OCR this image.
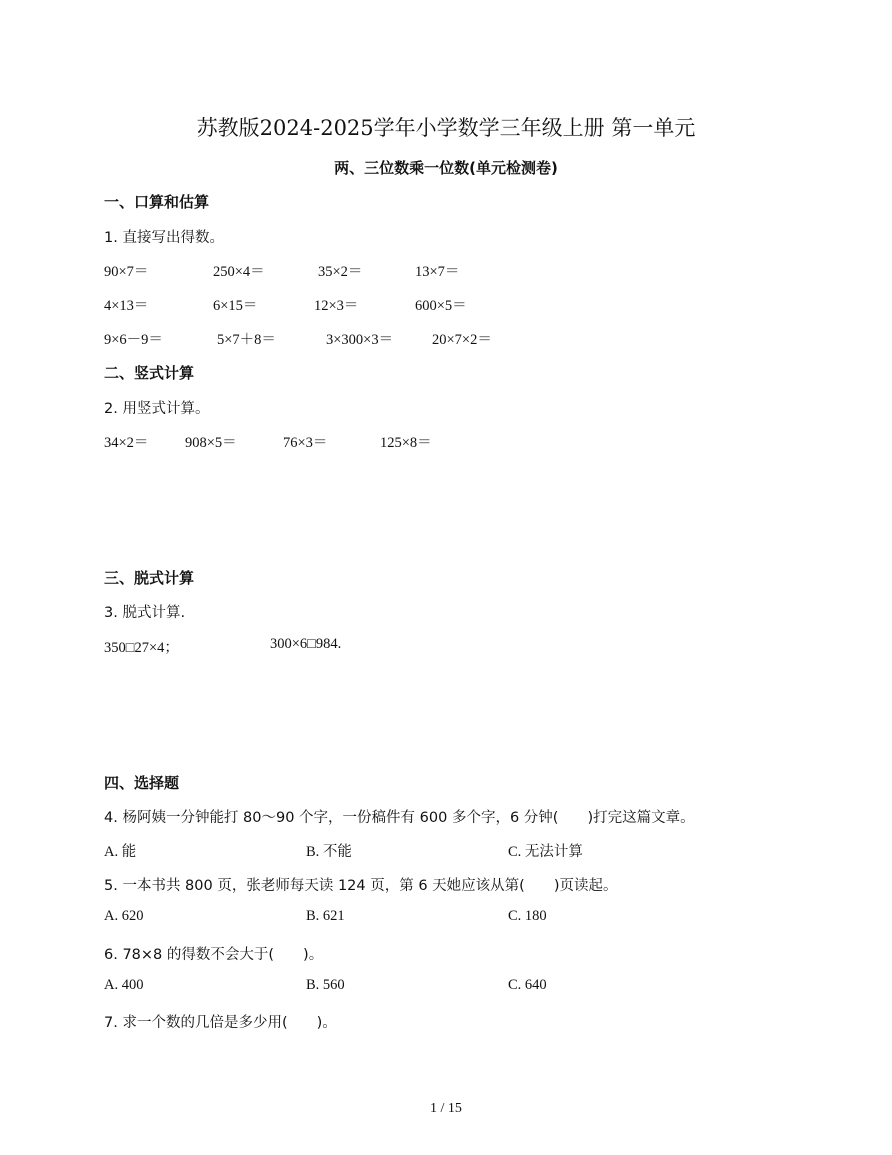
苏教版2024-2025学年小学数学三年级上册 第一单元
两、三位数乘一位数(单元检测卷)
一、口算和估算
1. 直接写出得数。
90×7＝	250×4＝	35×2＝	13×7＝
4×13＝	6×15＝	12×3＝	600×5＝
9×6－9＝	5×7＋8＝	3×300×3＝	20×7×2＝
二、竖式计算
2. 用竖式计算。
34×2＝	908×5＝	76×3＝	125×8＝
三、脱式计算
3. 脱式计算.
350□27×4；	300×6□984.
四、选择题
4. 杨阿姨一分钟能打 80～90 个字，一份稿件有 600 多个字，6 分钟(　　)打完这篇文章。
A. 能	B. 不能	C. 无法计算
5. 一本书共 800 页，张老师每天读 124 页，第 6 天她应该从第(　　)页读起。
A. 620	B. 621	C. 180
6. 78×8 的得数不会大于(　　)。
A. 400	B. 560	C. 640
7. 求一个数的几倍是多少用(　　)。
1 / 15
